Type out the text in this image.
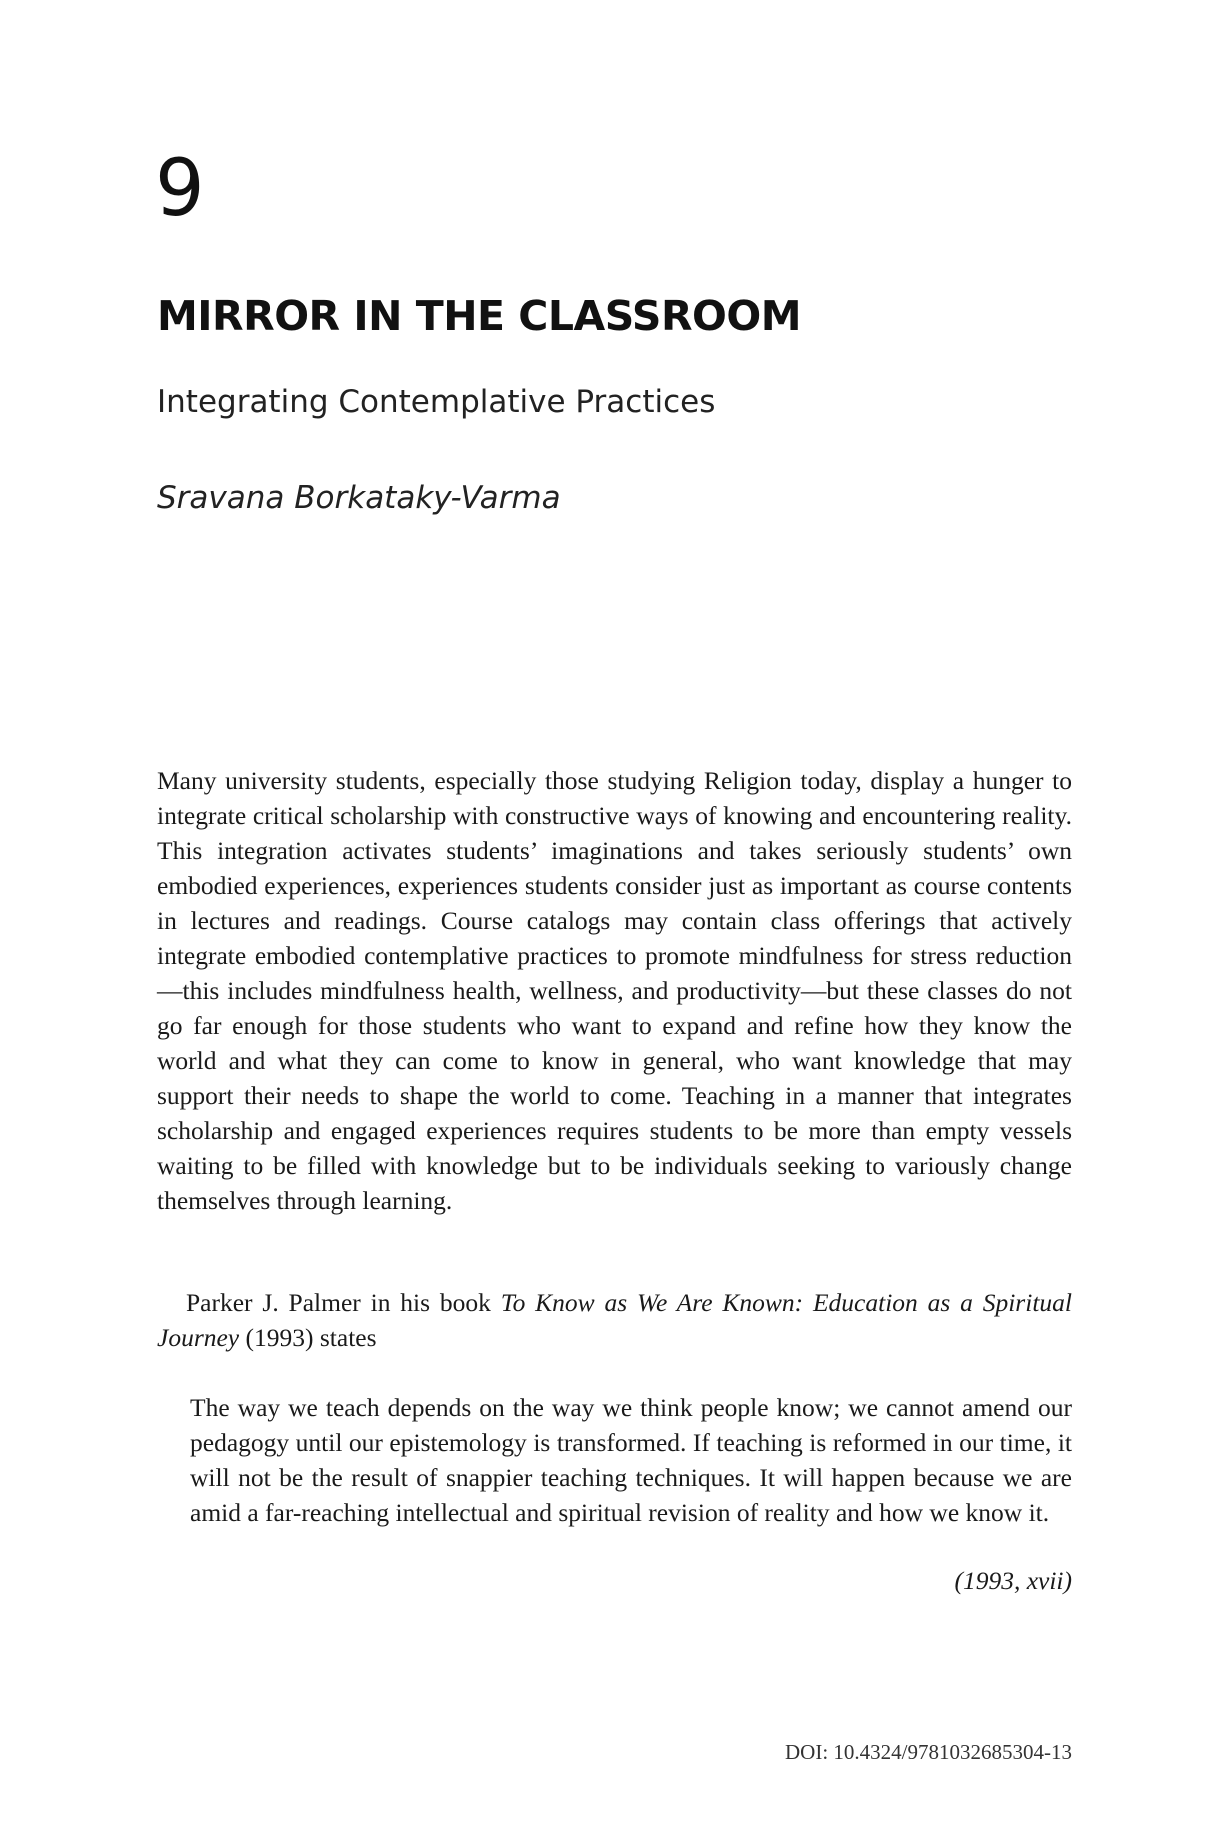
9
MIRROR IN THE CLASSROOM
Integrating Contemplative Practices
Sravana Borkataky-Varma

Many university students, especially those studying Religion today, display a hunger to integrate critical scholarship with constructive ways of knowing and encountering reality. This integration activates students’ imaginations and takes seriously students’ own embodied experiences, experiences students consider just as important as course contents in lectures and readings. Course catalogs may contain class offerings that actively integrate embodied contemplative practices to promote mindfulness for stress reduction—this includes mindfulness health, wellness, and productivity—but these classes do not go far enough for those students who want to expand and refine how they know the world and what they can come to know in general, who want knowledge that may support their needs to shape the world to come. Teaching in a manner that integrates scholarship and engaged experiences requires students to be more than empty vessels waiting to be filled with knowledge but to be individuals seeking to variously change themselves through learning.

Parker J. Palmer in his book To Know as We Are Known: Education as a Spiritual Journey (1993) states

The way we teach depends on the way we think people know; we cannot amend our pedagogy until our epistemology is transformed. If teaching is reformed in our time, it will not be the result of snappier teaching techniques. It will happen because we are amid a far-reaching intellectual and spiritual revision of reality and how we know it.

(1993, xvii)
DOI: 10.4324/9781032685304-13
